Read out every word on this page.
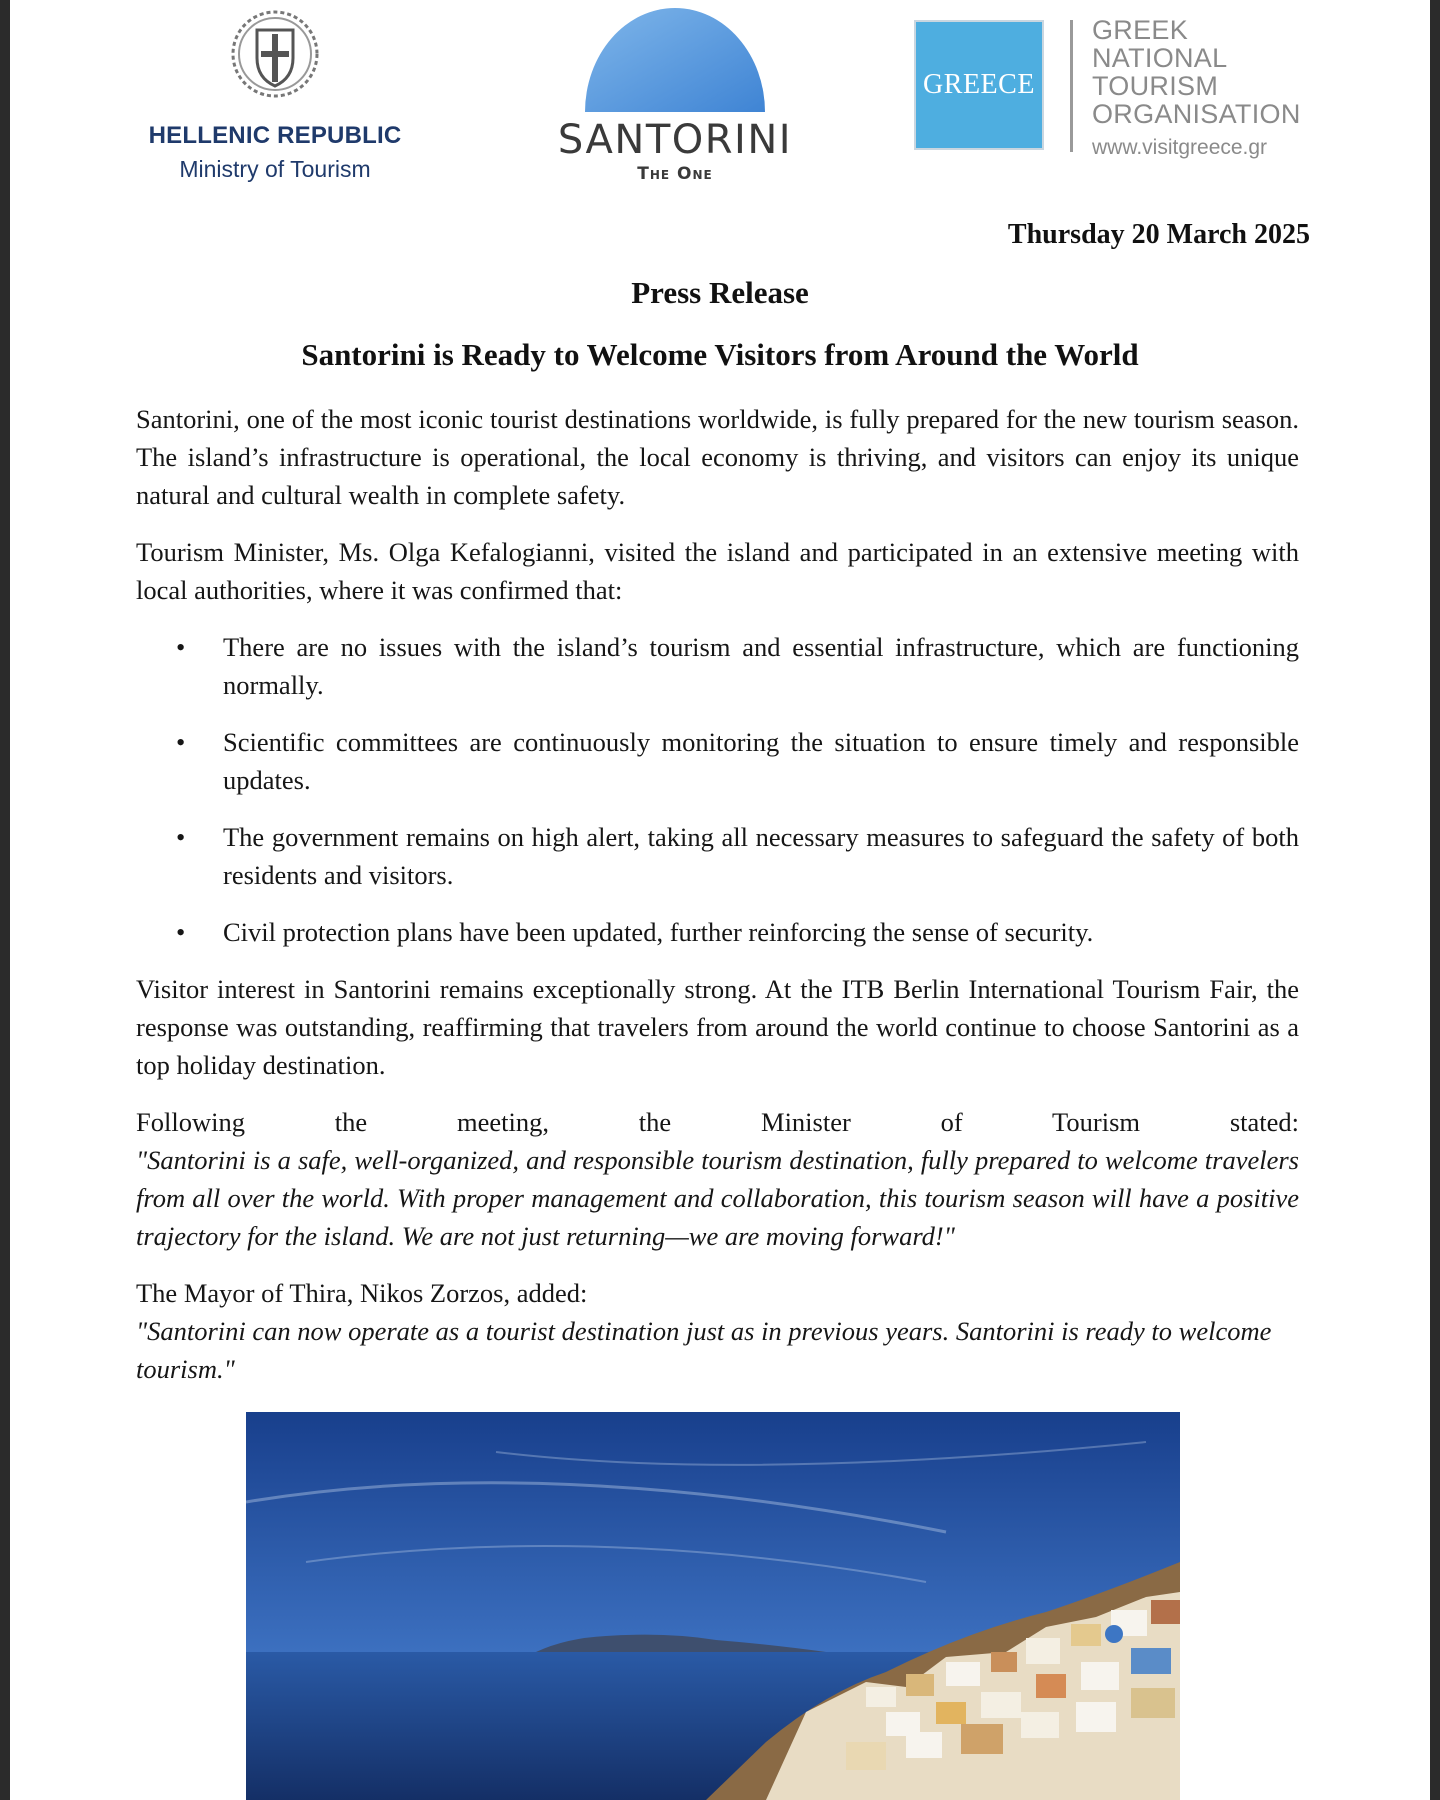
HELLENIC REPUBLIC
Ministry of Tourism
SANTORINI
The One
GREECE
GREEK
NATIONAL
TOURISM
ORGANISATION
www.visitgreece.gr
Thursday 20 March 2025
Press Release
Santorini is Ready to Welcome Visitors from Around the World

Santorini, one of the most iconic tourist destinations worldwide, is fully prepared for the new tourism season. The island’s infrastructure is operational, the local economy is thriving, and visitors can enjoy its unique natural and cultural wealth in complete safety.

Tourism Minister, Ms. Olga Kefalogianni, visited the island and participated in an extensive meeting with local authorities, where it was confirmed that:

• There are no issues with the island’s tourism and essential infrastructure, which are functioning normally.
• Scientific committees are continuously monitoring the situation to ensure timely and responsible updates.
• The government remains on high alert, taking all necessary measures to safeguard the safety of both residents and visitors.
• Civil protection plans have been updated, further reinforcing the sense of security.

Visitor interest in Santorini remains exceptionally strong. At the ITB Berlin International Tourism Fair, the response was outstanding, reaffirming that travelers from around the world continue to choose Santorini as a top holiday destination.

Following the meeting, the Minister of Tourism stated:
"Santorini is a safe, well-organized, and responsible tourism destination, fully prepared to welcome travelers from all over the world. With proper management and collaboration, this tourism season will have a positive trajectory for the island. We are not just returning—we are moving forward!"

The Mayor of Thira, Nikos Zorzos, added:
"Santorini can now operate as a tourist destination just as in previous years. Santorini is ready to welcome tourism."
